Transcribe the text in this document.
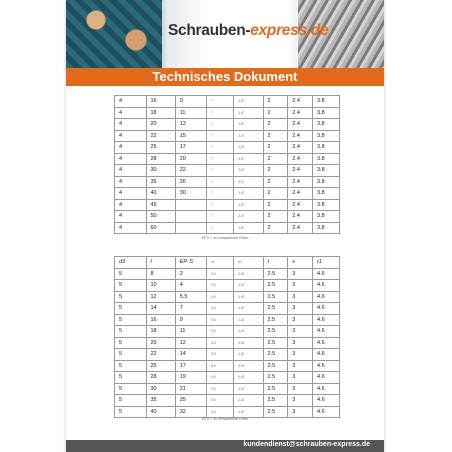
Schrauben-express.de
Technisches Dokument
4	16	9	7	3,87	2	2.4	3.8
4	18	11	7	3,87	2	2.4	3.8
4	20	13	7	3,87	2	2.4	3.8
4	22	15	7	3,87	2	2.4	3.8
4	25	17	7	3,87	2	2.4	3.8
4	28	20	7	3,87	2	2.4	3.8
4	30	22	7	3,87	2	2.4	3.8
4	35	26	7	3,87	2	2.4	3.8
4	40	30	7	3,87	2	2.4	3.8
4	45		7	3,87	2	2.4	3.8
4	50		7	3,87	2	2.4	3.8
4	60		7	3,87	2	2.4	3.8
EP.S = zu versparende Elobo
d3	l	EP. S	d2	d3	t	s	r1
5	8	2	8,8	4,82	2.5	3	4.6
5	10	4	8,8	4,82	2.5	3	4.6
5	12	5.5	8,8	4,82	2.5	3	4.6
5	14	7	8,8	4,82	2.5	3	4.6
5	16	9	8,8	4,82	2.5	3	4.6
5	18	11	8,8	4,82	2.5	3	4.6
5	20	12	8,8	4,82	2.5	3	4.6
5	22	14	8,8	4,82	2.5	3	4.6
5	25	17	8,8	4,82	2.5	3	4.6
5	28	19	8,8	4,82	2.5	3	4.6
5	30	21	8,8	4,82	2.5	3	4.6
5	35	25	8,8	4,82	2.5	3	4.6
5	40	32	8,8	4,82	2.5	3	4.6
EP.S = zu versparende Elobo
kundendienst@schrauben-express.de
